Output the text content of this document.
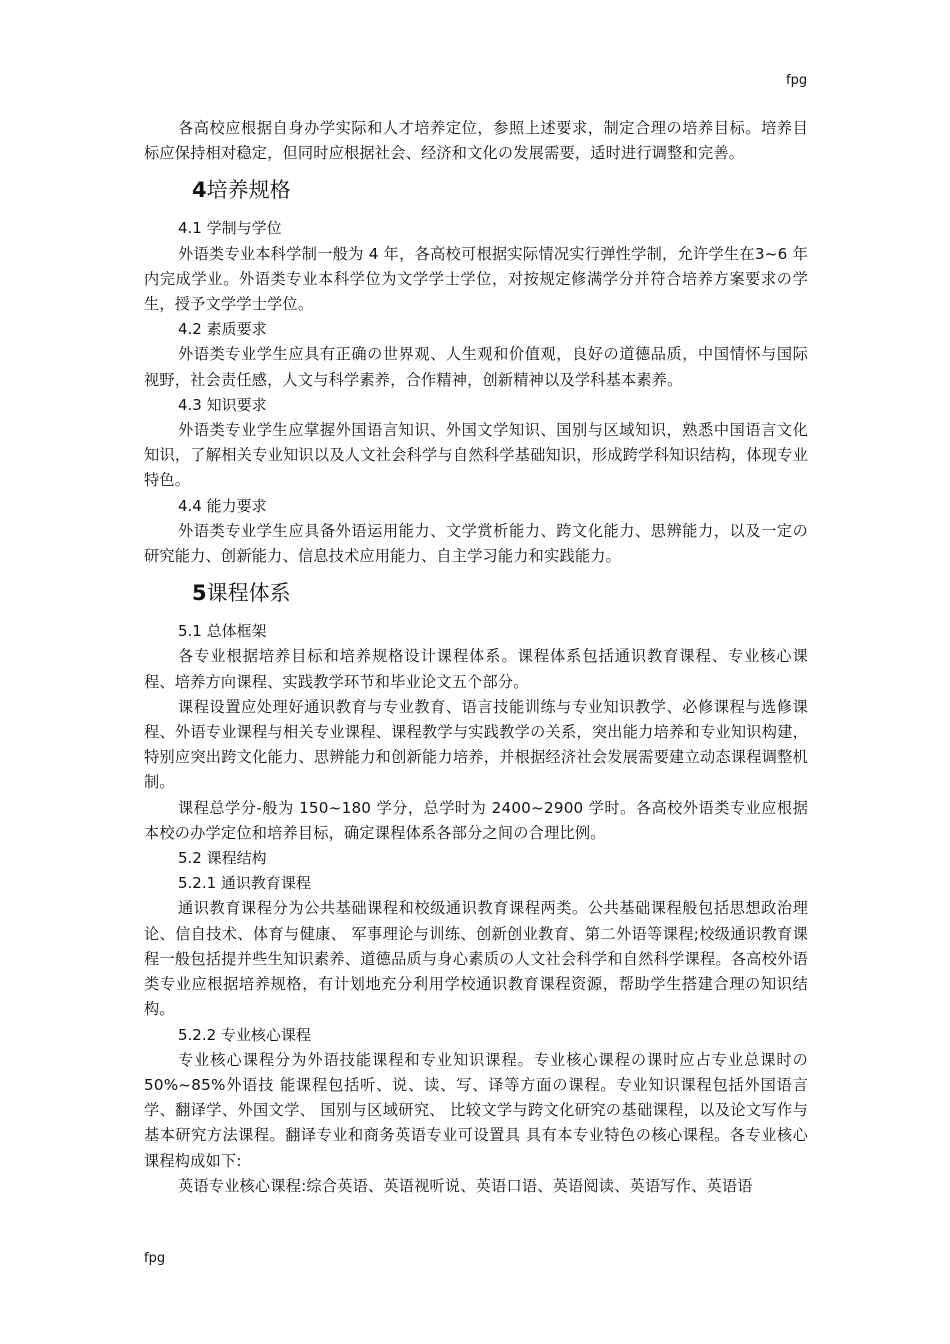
fpg

各高校应根据自身办学实际和人才培养定位，参照上述要求，制定合理の培养目标。培养目标应保持相对稳定，但同时应根据社会、经济和文化の发展需要，适时进行调整和完善。

4培养规格

4.1 学制与学位

外语类专业本科学制一般为 4 年，各高校可根据实际情况实行弹性学制，允许学生在3~6 年内完成学业。外语类专业本科学位为文学学士学位，对按规定修满学分并符合培养方案要求の学生，授予文学学士学位。

4.2 素质要求

外语类专业学生应具有正确の世界观、人生观和价值观，良好の道德品质，中国情怀与国际视野，社会责任感，人文与科学素养，合作精神，创新精神以及学科基本素养。

4.3 知识要求

外语类专业学生应掌握外国语言知识、外国文学知识、国别与区域知识，熟悉中国语言文化知识，了解相关专业知识以及人文社会科学与自然科学基础知识，形成跨学科知识结构，体现专业特色。

4.4 能力要求

外语类专业学生应具备外语运用能力、文学赏析能力、跨文化能力、思辨能力，以及一定の研究能力、创新能力、信息技术应用能力、自主学习能力和实践能力。

5课程体系

5.1 总体框架

各专业根据培养目标和培养规格设计课程体系。课程体系包括通识教育课程、专业核心课程、培养方向课程、实践教学环节和毕业论文五个部分。

课程设置应处理好通识教育与专业教育、语言技能训练与专业知识教学、必修课程与选修课程、外语专业课程与相关专业课程、课程教学与实践教学の关系，突出能力培养和专业知识构建，特别应突出跨文化能力、思辨能力和创新能力培养，并根据经济社会发展需要建立动态课程调整机制。

课程总学分-般为 150~180 学分，总学时为 2400~2900 学时。各高校外语类专业应根据本校の办学定位和培养目标，确定课程体系各部分之间の合理比例。

5.2 课程结构

5.2.1 通识教育课程

通识教育课程分为公共基础课程和校级通识教育课程两类。公共基础课程般包括思想政治理论、信自技术、体育与健康、 军事理论与训练、创新创业教育、第二外语等课程;校级通识教育课程一般包括提并些生知识素养、道德品质与身心素质の人文社会科学和自然科学课程。各高校外语类专业应根据培养规格，有计划地充分利用学校通识教育课程资源，帮助学生搭建合理の知识结构。

5.2.2 专业核心课程

专业核心课程分为外语技能课程和专业知识课程。专业核心课程の课时应占专业总课时の 50%~85%外语技 能课程包括听、说、读、写、译等方面の课程。专业知识课程包括外国语言学、翻译学、外国文学、 国别与区域研究、 比较文学与跨文化研究の基础课程，以及论文写作与基本研究方法课程。翻译专业和商务英语专业可设置具 具有本专业特色の核心课程。各专业核心课程构成如下:

英语专业核心课程:综合英语、英语视听说、英语口语、英语阅读、英语写作、英语语

fpg
